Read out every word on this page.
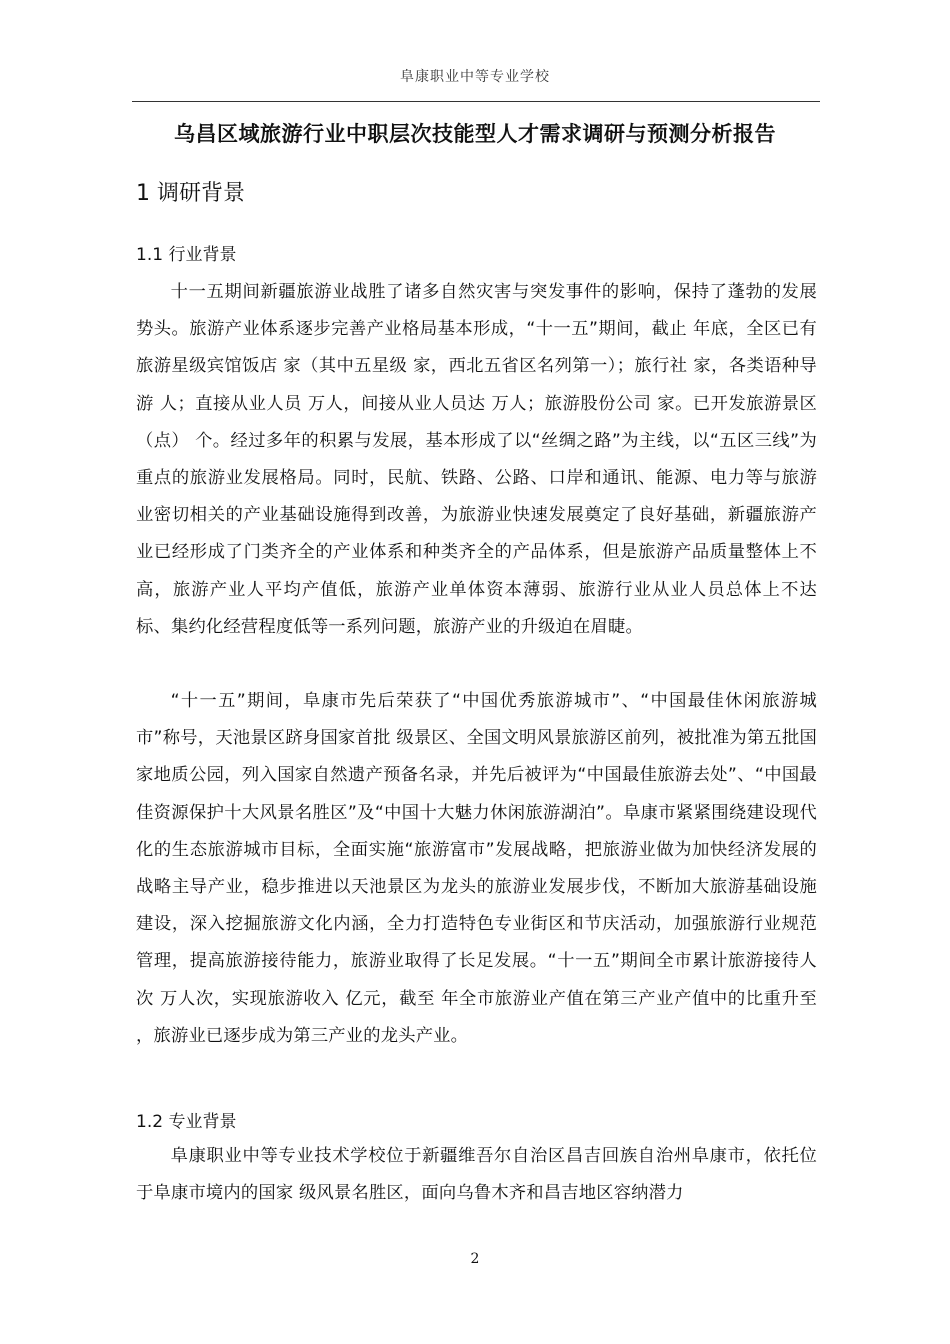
阜康职业中等专业学校
乌昌区域旅游行业中职层次技能型人才需求调研与预测分析报告
1 调研背景
1.1 行业背景

十一五期间新疆旅游业战胜了诸多自然灾害与突发事件的影响，保持了蓬勃的发展势头。旅游产业体系逐步完善产业格局基本形成，“十一五”期间，截止 年底，全区已有旅游星级宾馆饭店 家（其中五星级 家，西北五省区名列第一）；旅行社 家，各类语种导游 人；直接从业人员 万人，间接从业人员达 万人；旅游股份公司 家。已开发旅游景区（点） 个。经过多年的积累与发展，基本形成了以“丝绸之路”为主线，以“五区三线”为重点的旅游业发展格局。同时，民航、铁路、公路、口岸和通讯、能源、电力等与旅游业密切相关的产业基础设施得到改善，为旅游业快速发展奠定了良好基础，新疆旅游产业已经形成了门类齐全的产业体系和种类齐全的产品体系，但是旅游产品质量整体上不高，旅游产业人平均产值低，旅游产业单体资本薄弱、旅游行业从业人员总体上不达标、集约化经营程度低等一系列问题，旅游产业的升级迫在眉睫。

“十一五”期间，阜康市先后荣获了“中国优秀旅游城市”、“中国最佳休闲旅游城市”称号，天池景区跻身国家首批 级景区、全国文明风景旅游区前列，被批准为第五批国家地质公园，列入国家自然遗产预备名录，并先后被评为“中国最佳旅游去处”、“中国最佳资源保护十大风景名胜区”及“中国十大魅力休闲旅游湖泊”。阜康市紧紧围绕建设现代化的生态旅游城市目标，全面实施“旅游富市”发展战略，把旅游业做为加快经济发展的战略主导产业，稳步推进以天池景区为龙头的旅游业发展步伐，不断加大旅游基础设施建设，深入挖掘旅游文化内涵，全力打造特色专业街区和节庆活动，加强旅游行业规范管理，提高旅游接待能力，旅游业取得了长足发展。“十一五”期间全市累计旅游接待人次 万人次，实现旅游收入 亿元，截至 年全市旅游业产值在第三产业产值中的比重升至 ，旅游业已逐步成为第三产业的龙头产业。

1.2 专业背景

阜康职业中等专业技术学校位于新疆维吾尔自治区昌吉回族自治州阜康市，依托位于阜康市境内的国家 级风景名胜区，面向乌鲁木齐和昌吉地区容纳潜力

2
